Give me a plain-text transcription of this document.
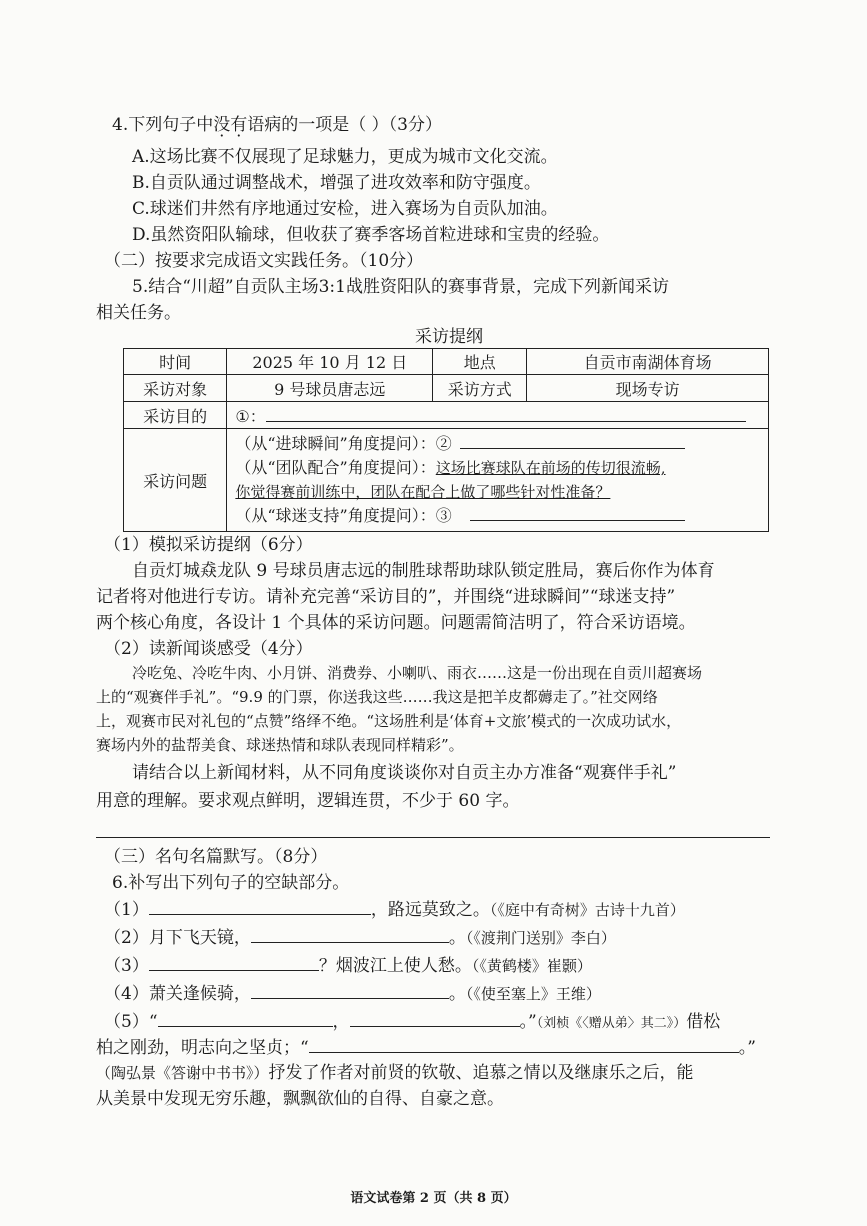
4.下列句子中没有语病的一项是（ ）（3分）
A.这场比赛不仅展现了足球魅力，更成为城市文化交流。
B.自贡队通过调整战术，增强了进攻效率和防守强度。
C.球迷们井然有序地通过安检，进入赛场为自贡队加油。
D.虽然资阳队输球，但收获了赛季客场首粒进球和宝贵的经验。
（二）按要求完成语文实践任务。（10分）
5.结合“川超”自贡队主场3:1战胜资阳队的赛事背景，完成下列新闻采访
相关任务。
采访提纲
时间	2025 年 10 月 12 日	地点	自贡市南湖体育场
采访对象	9 号球员唐志远	采访方式	现场专访
采访目的	①：		
采访问题	（从“进球瞬间”角度提问）：②
（从“团队配合”角度提问）：这场比赛球队在前场的传切很流畅,
你觉得赛前训练中，团队在配合上做了哪些针对性准备？
（从“球迷支持”角度提问）：③		
（1）模拟采访提纲（6分）
自贡灯城猋龙队 9 号球员唐志远的制胜球帮助球队锁定胜局，赛后你作为体育
记者将对他进行专访。请补充完善“采访目的”，并围绕“进球瞬间”“球迷支持”
两个核心角度，各设计 1 个具体的采访问题。问题需简洁明了，符合采访语境。
（2）读新闻谈感受（4分）
冷吃兔、冷吃牛肉、小月饼、消费券、小喇叭、雨衣……这是一份出现在自贡川超赛场
上的“观赛伴手礼”。“9.9 的门票，你送我这些……我这是把羊皮都薅走了。”社交网络
上，观赛市民对礼包的“点赞”络绎不绝。“这场胜利是‘体育+文旅’模式的一次成功试水，
赛场内外的盐帮美食、球迷热情和球队表现同样精彩”。
请结合以上新闻材料，从不同角度谈谈你对自贡主办方准备“观赛伴手礼”
用意的理解。要求观点鲜明，逻辑连贯，不少于 60 字。
（三）名句名篇默写。（8分）
6.补写出下列句子的空缺部分。
（1）	，路远莫致之。（《庭中有奇树》古诗十九首）
（2）月下飞天镜，	。（《渡荆门送别》李白）
（3）	？烟波江上使人愁。（《黄鹤楼》崔颢）
（4）萧关逢候骑，	。（《使至塞上》王维）
（5）“	，	。”（刘桢《〈赠从弟〉其二》）借松
柏之刚劲，明志向之坚贞；“	。”
（陶弘景《答谢中书书》）抒发了作者对前贤的钦敬、追慕之情以及继康乐之后，能
从美景中发现无穷乐趣，飘飘欲仙的自得、自豪之意。
语文试卷第 2 页（共 8 页）
